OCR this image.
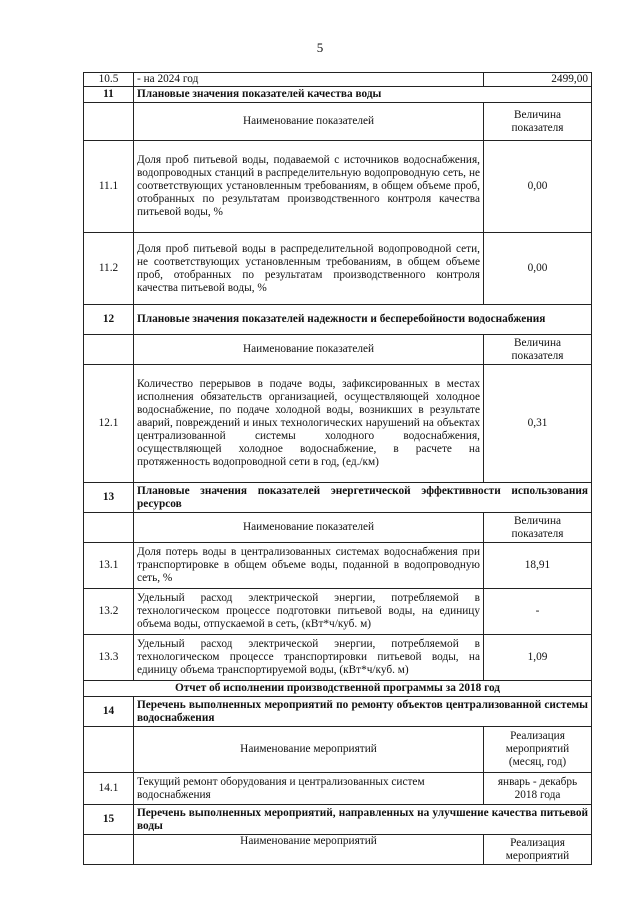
5
10.5	- на 2024 год	2499,00
11	Плановые значения показателей качества воды	
	Наименование показателей	Величина показателя
11.1	Доля проб питьевой воды, подаваемой с источников водоснабжения, водопроводных станций в распределительную водопроводную сеть, не соответствующих установленным требованиям, в общем объеме проб, отобранных по результатам производственного контроля качества питьевой воды, %	0,00
11.2	Доля проб питьевой воды в распределительной водопроводной сети, не соответствующих установленным требованиям, в общем объеме проб, отобранных по результатам производственного контроля качества питьевой воды, %	0,00
12	Плановые значения показателей надежности и бесперебойности водоснабжения	
	Наименование показателей	Величина показателя
12.1	Количество перерывов в подаче воды, зафиксированных в местах исполнения обязательств организацией, осуществляющей холодное водоснабжение, по подаче холодной воды, возникших в результате аварий, повреждений и иных технологических нарушений на объектах централизованной системы холодного водоснабжения, осуществляющей холодное водоснабжение, в расчете на протяженность водопроводной сети в год, (ед./км)	0,31
13	Плановые значения показателей энергетической эффективности использования ресурсов	
	Наименование показателей	Величина показателя
13.1	Доля потерь воды в централизованных системах водоснабжения при транспортировке в общем объеме воды, поданной в водопроводную сеть, %	18,91
13.2	Удельный расход электрической энергии, потребляемой в технологическом процессе подготовки питьевой воды, на единицу объема воды, отпускаемой в сеть, (кВт*ч/куб. м)	-
13.3	Удельный расход электрической энергии, потребляемой в технологическом процессе транспортировки питьевой воды, на единицу объема транспортируемой воды, (кВт*ч/куб. м)	1,09
Отчет об исполнении производственной программы за 2018 год		
14	Перечень выполненных мероприятий по ремонту объектов централизованной системы водоснабжения	
	Наименование мероприятий	Реализация мероприятий (месяц, год)
14.1	Текущий ремонт оборудования и централизованных систем водоснабжения	январь - декабрь 2018 года
15	Перечень выполненных мероприятий, направленных на улучшение качества питьевой воды	
	Наименование мероприятий	Реализация мероприятий
